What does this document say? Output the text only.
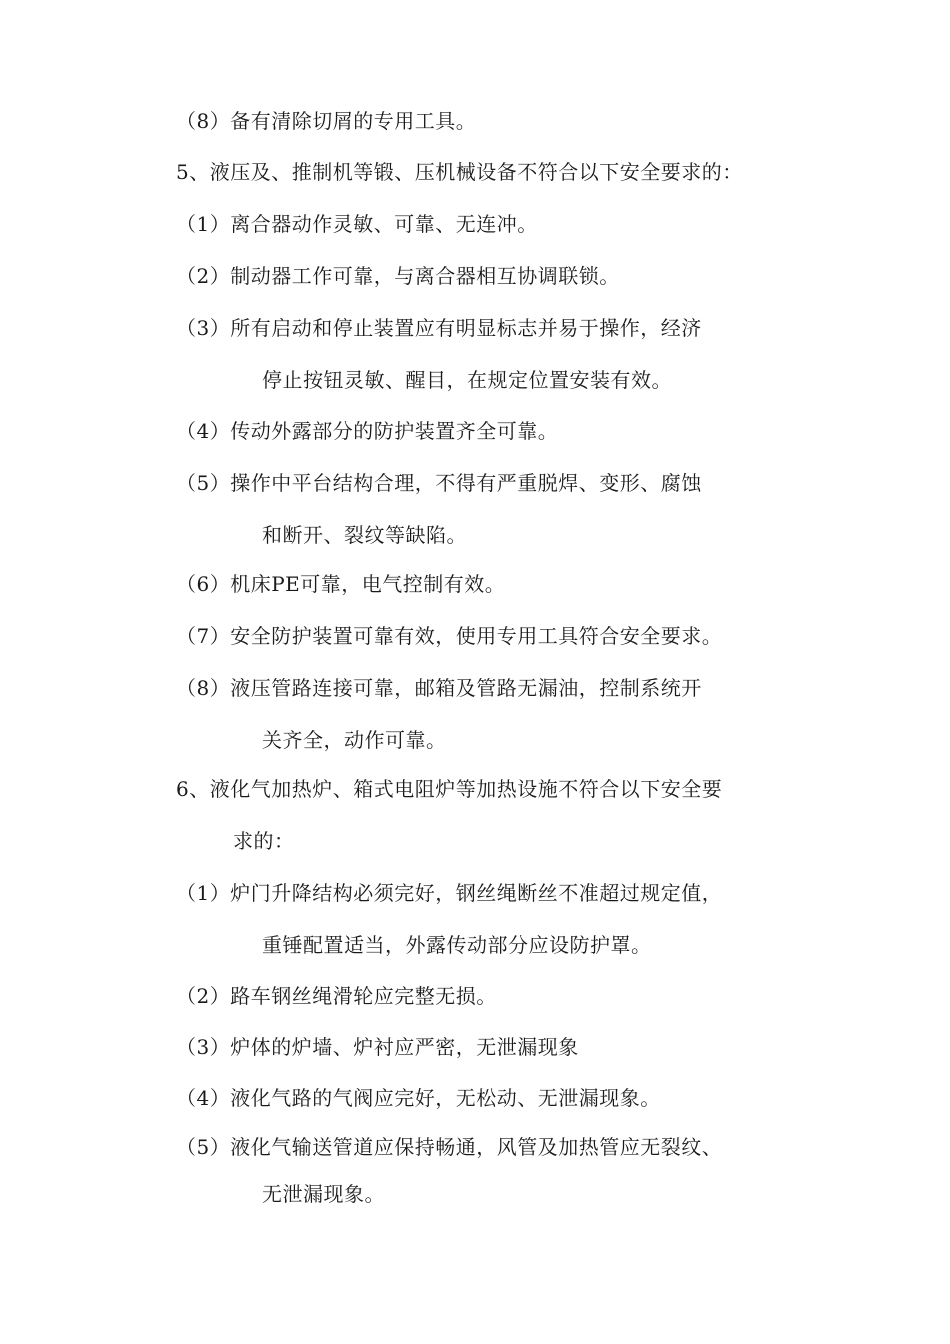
（8）备有清除切屑的专用工具。
5、液压及、推制机等锻、压机械设备不符合以下安全要求的：
（1）离合器动作灵敏、可靠、无连冲。
（2）制动器工作可靠，与离合器相互协调联锁。
（3）所有启动和停止装置应有明显标志并易于操作，经济
停止按钮灵敏、醒目，在规定位置安装有效。
（4）传动外露部分的防护装置齐全可靠。
（5）操作中平台结构合理，不得有严重脱焊、变形、腐蚀
和断开、裂纹等缺陷。
（6）机床PE可靠，电气控制有效。
（7）安全防护装置可靠有效，使用专用工具符合安全要求。
（8）液压管路连接可靠，邮箱及管路无漏油，控制系统开
关齐全，动作可靠。
6、液化气加热炉、箱式电阻炉等加热设施不符合以下安全要
求的：
（1）炉门升降结构必须完好，钢丝绳断丝不准超过规定值，
重锤配置适当，外露传动部分应设防护罩。
（2）路车钢丝绳滑轮应完整无损。
（3）炉体的炉墙、炉衬应严密，无泄漏现象
（4）液化气路的气阀应完好，无松动、无泄漏现象。
（5）液化气输送管道应保持畅通，风管及加热管应无裂纹、
无泄漏现象。
